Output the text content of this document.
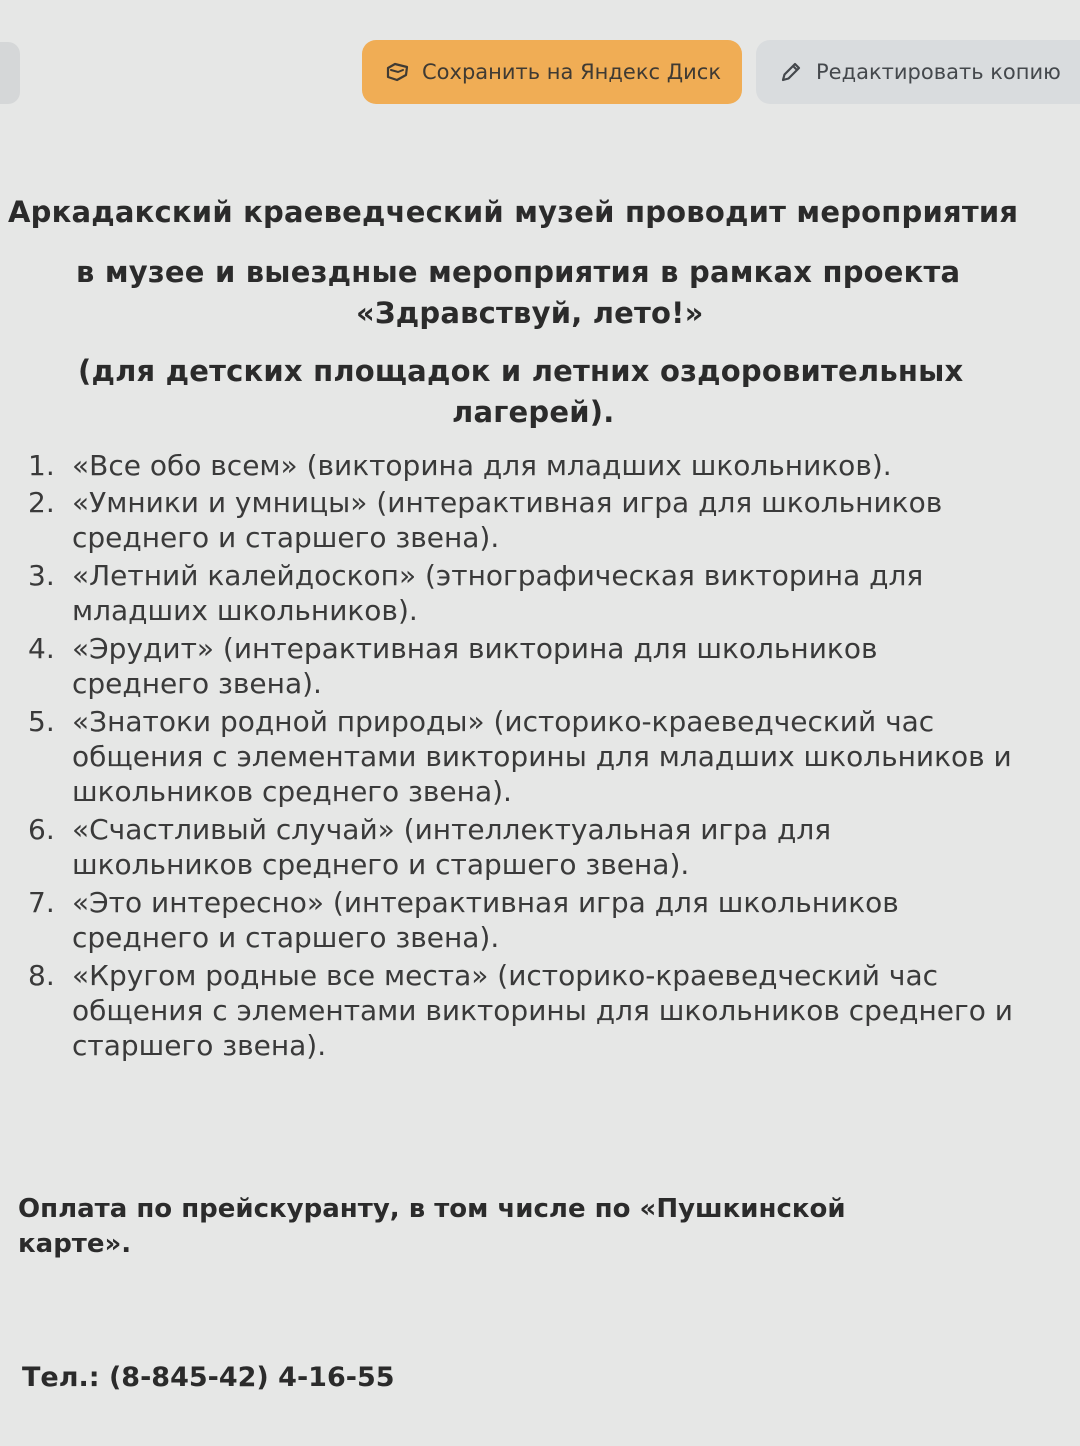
Сохранить на Яндекс Диск	Редактировать копию
Аркадакский краеведческий музей проводит мероприятия
в музее и выездные мероприятия в рамках проекта
«Здравствуй, лето!»
(для детских площадок и летних оздоровительных
лагерей).
1. «Все обо всем» (викторина для младших школьников).
2. «Умники и умницы» (интерактивная игра для школьников среднего и старшего звена).
3. «Летний калейдоскоп» (этнографическая викторина для младших школьников).
4. «Эрудит» (интерактивная викторина для школьников среднего звена).
5. «Знатоки родной природы» (историко-краеведческий час общения с элементами викторины для младших школьников и школьников среднего звена).
6. «Счастливый случай» (интеллектуальная игра для школьников среднего и старшего звена).
7. «Это интересно» (интерактивная игра для школьников среднего и старшего звена).
8. «Кругом родные все места» (историко-краеведческий час общения с элементами викторины для школьников среднего и старшего звена).
Оплата по прейскуранту, в том числе по «Пушкинской карте».
Тел.: (8-845-42) 4-16-55
